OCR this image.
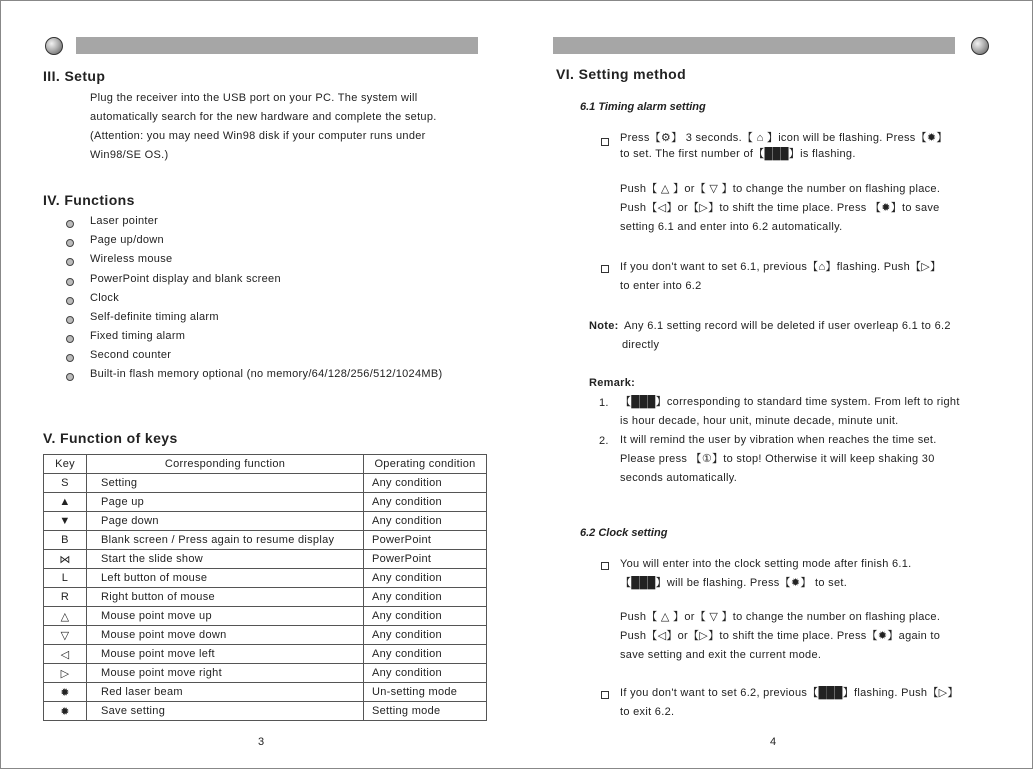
III. Setup
Plug the receiver into the USB port on your PC. The system will
automatically search for the new hardware and complete the setup.
(Attention: you may need Win98 disk if your computer runs under
Win98/SE OS.)
IV. Functions
Laser pointer
Page up/down
Wireless mouse
PowerPoint display and blank screen
Clock
Self-definite timing alarm
Fixed timing alarm
Second counter
Built-in flash memory optional (no memory/64/128/256/512/1024MB)
V. Function of keys
Key	Corresponding function	Operating condition
S	Setting	Any condition
▲	Page up	Any condition
▼	Page down	Any condition
B	Blank screen / Press again to resume display	PowerPoint
⋈	Start the slide show	PowerPoint
L	Left button of mouse	Any condition
R	Right button of mouse	Any condition
△	Mouse point move up	Any condition
▽	Mouse point move down	Any condition
◁	Mouse point move left	Any condition
▷	Mouse point move right	Any condition
✹	Red laser beam	Un-setting mode
✹	Save setting	Setting mode
3
VI. Setting method
6.1 Timing alarm setting
Press【⚙】 3 seconds.【 ⌂ 】icon will be flashing. Press【✹】
to set. The first number of【███】is flashing.
Push【 △ 】or【 ▽ 】to change the number on flashing place.
Push【◁】or【▷】to shift the time place. Press 【✹】to save
setting 6.1 and enter into 6.2 automatically.
If you don't want to set 6.1, previous【⌂】flashing. Push【▷】
to enter into 6.2
Note: Any 6.1 setting record will be deleted if user overleap 6.1 to 6.2
directly
Remark:
1. 【███】corresponding to standard time system. From left to right
is hour decade, hour unit, minute decade, minute unit.
2. It will remind the user by vibration when reaches the time set.
Please press 【①】to stop! Otherwise it will keep shaking 30
seconds automatically.
6.2 Clock setting
You will enter into the clock setting mode after finish 6.1.
【███】will be flashing. Press【✹】 to set.
Push【 △ 】or【 ▽ 】to change the number on flashing place.
Push【◁】or【▷】to shift the time place. Press【✹】again to
save setting and exit the current mode.
If you don't want to set 6.2, previous【███】flashing. Push【▷】
to exit 6.2.
4
